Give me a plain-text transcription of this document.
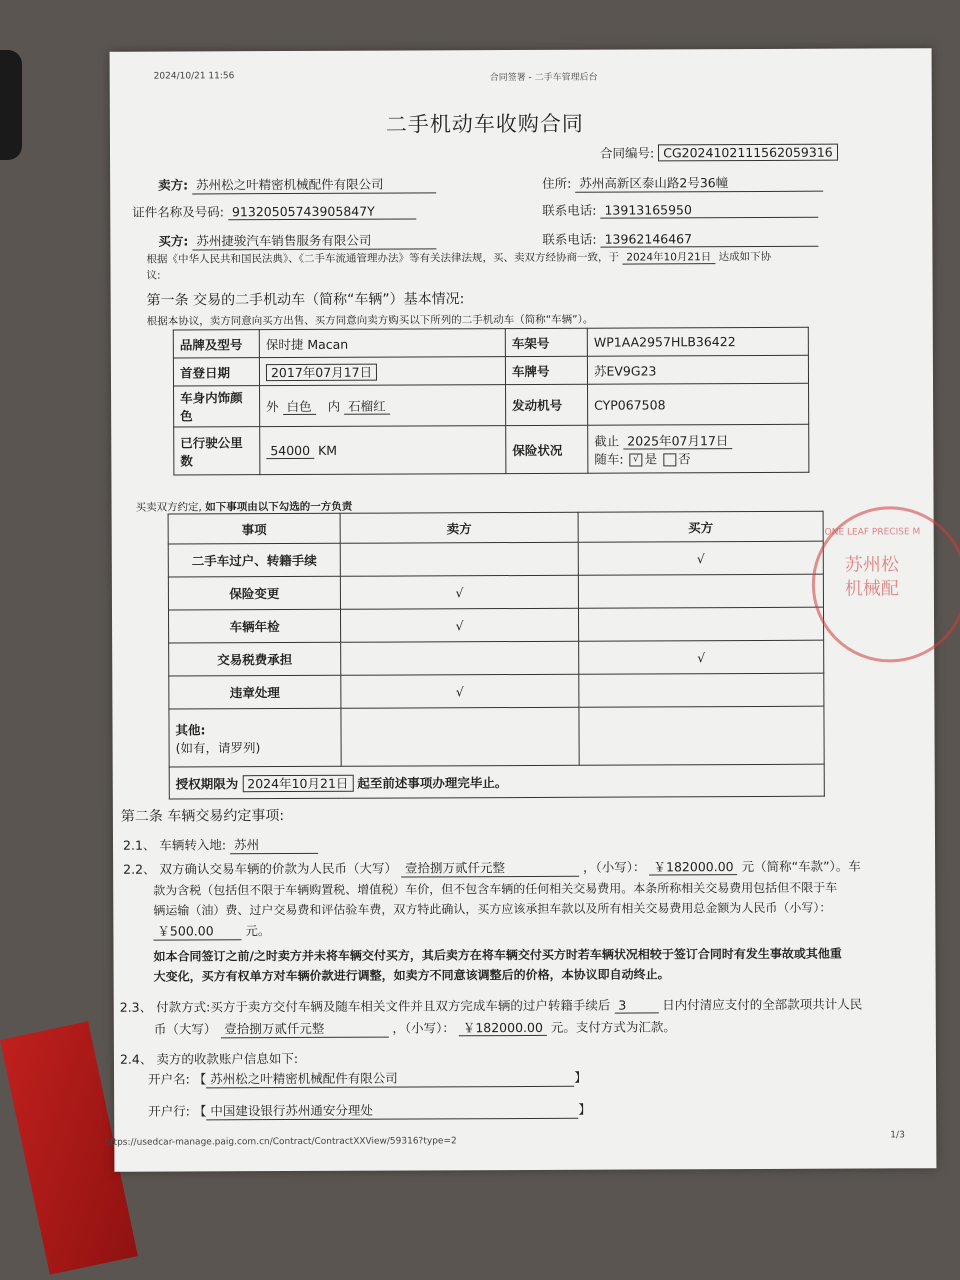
2024/10/21 11:56	合同签署 - 二手车管理后台
二手机动车收购合同
合同编号: CG2024102111562059316
卖方: 苏州松之叶精密机械配件有限公司	住所: 苏州高新区泰山路2号36幢
证件名称及号码: 91320505743905847Y	联系电话: 13913165950
买方: 苏州捷骏汽车销售服务有限公司	联系电话: 13962146467
根据《中华人民共和国民法典》、《二手车流通管理办法》等有关法律法规，买、卖双方经协商一致，于 2024年10月21日 达成如下协
议:
第一条 交易的二手机动车（简称“车辆”）基本情况:
根据本协议，卖方同意向买方出售、买方同意向卖方购买以下所列的二手机动车（简称“车辆”）。
品牌及型号	保时捷 Macan	车架号	WP1AA2957HLB36422
首登日期	2017年07月17日	车牌号	苏EV9G23
车身内饰颜色	外 白色 内 石榴红	发动机号	CYP067508
已行驶公里数	54000 KM	保险状况	截止 2025年07月17日
随车: √ 是 否
买卖双方约定, 如下事项由以下勾选的一方负责
事项	卖方	买方
二手车过户、转籍手续		√
保险变更	√	
车辆年检	√	
交易税费承担		√
违章处理	√	

其他:
(如有，请罗列)		

授权期限为 2024年10月21日 起至前述事项办理完毕止。		
ONE LEAF PRECISE M
苏州松
机械配
第二条 车辆交易约定事项:
2.1、 车辆转入地: 苏州
2.2、 双方确认交易车辆的价款为人民币（大写） 壹拾捌万贰仟元整	，（小写）： ￥182000.00 元（简称“车款”）。车
款为含税（包括但不限于车辆购置税、增值税）车价，但不包含车辆的任何相关交易费用。本条所称相关交易费用包括但不限于车
辆运输（油）费、过户交易费和评估验车费，双方特此确认，买方应该承担车款以及所有相关交易费用总金额为人民币（小写）：
￥500.00	元。
如本合同签订之前/之时卖方并未将车辆交付买方，其后卖方在将车辆交付买方时若车辆状况相较于签订合同时有发生事故或其他重
大变化，买方有权单方对车辆价款进行调整，如卖方不同意该调整后的价格，本协议即自动终止。
2.3、 付款方式:买方于卖方交付车辆及随车相关文件并且双方完成车辆的过户转籍手续后 3	日内付清应支付的全部款项共计人民
币（大写） 壹拾捌万贰仟元整	，（小写）： ￥182000.00 元。支付方式为汇款。
2.4、 卖方的收款账户信息如下:
开户名: 【 苏州松之叶精密机械配件有限公司	】
开户行: 【 中国建设银行苏州通安分理处	】
https://usedcar-manage.paig.com.cn/Contract/ContractXXView/59316?type=2
1/3
